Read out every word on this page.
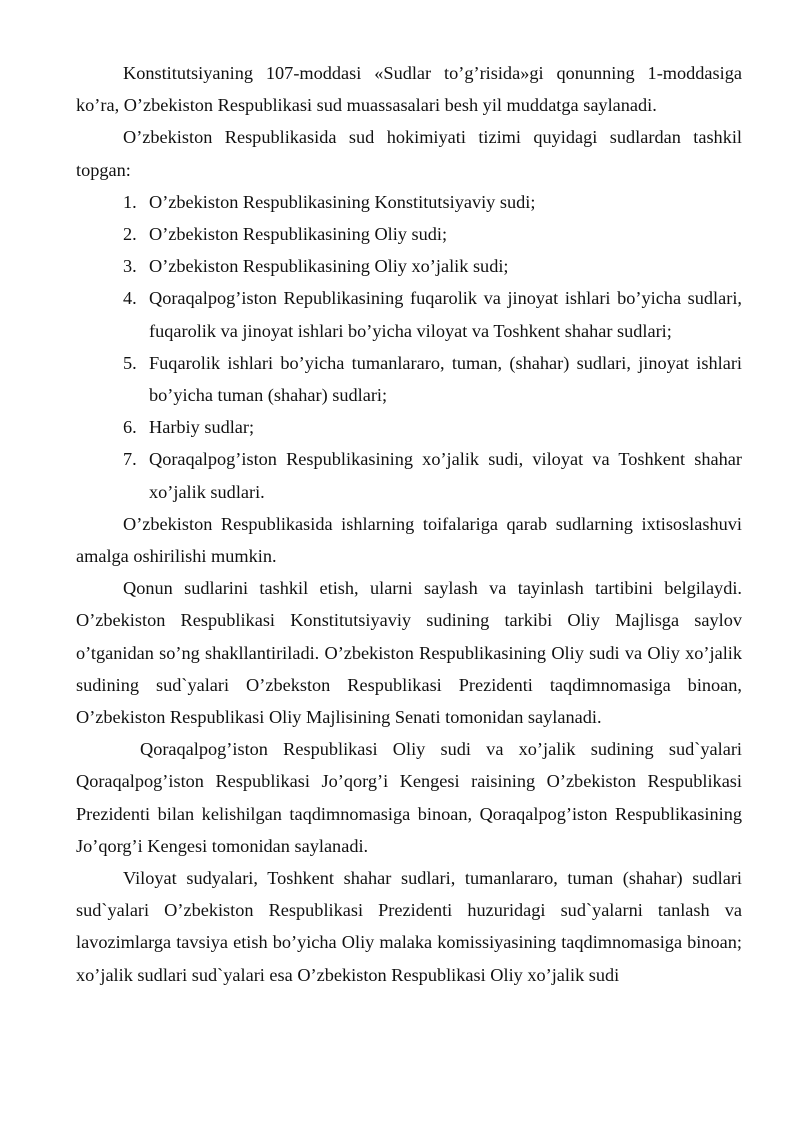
Konstitutsiyaning 107-moddasi «Sudlar to’g’risida»gi qonunning 1-moddasiga ko’ra, O’zbekiston Respublikasi sud muassasalari besh yil muddatga saylanadi.

O’zbekiston Respublikasida sud hokimiyati tizimi quyidagi sudlardan tashkil topgan:

1. O’zbekiston Respublikasining Konstitutsiyaviy sudi;
2. O’zbekiston Respublikasining Oliy sudi;
3. O’zbekiston Respublikasining Oliy xo’jalik sudi;
4. Qoraqalpog’iston Republikasining fuqarolik va jinoyat ishlari bo’yicha sudlari, fuqarolik va jinoyat ishlari bo’yicha viloyat va Toshkent shahar sudlari;
5. Fuqarolik ishlari bo’yicha tumanlararo, tuman, (shahar) sudlari, jinoyat ishlari bo’yicha tuman (shahar) sudlari;
6. Harbiy sudlar;
7. Qoraqalpog’iston Respublikasining xo’jalik sudi, viloyat va Toshkent shahar xo’jalik sudlari.

O’zbekiston Respublikasida ishlarning toifalariga qarab sudlarning ixtisoslashuvi amalga oshirilishi mumkin.

Qonun sudlarini tashkil etish, ularni saylash va tayinlash tartibini belgilaydi. O’zbekiston Respublikasi Konstitutsiyaviy sudining tarkibi Oliy Majlisga saylov o’tganidan so’ng shakllantiriladi. O’zbekiston Respublikasining Oliy sudi va Oliy xo’jalik sudining sud`yalari O’zbekston Respublikasi Prezidenti taqdimnomasiga binoan, O’zbekiston Respublikasi Oliy Majlisining Senati tomonidan saylanadi.

Qoraqalpog’iston Respublikasi Oliy sudi va xo’jalik sudining sud`yalari Qoraqalpog’iston Respublikasi Jo’qorg’i Kengesi raisining O’zbekiston Respublikasi Prezidenti bilan kelishilgan taqdimnomasiga binoan, Qoraqalpog’iston Respublikasining Jo’qorg’i Kengesi tomonidan saylanadi.

Viloyat sudyalari, Toshkent shahar sudlari, tumanlararo, tuman (shahar) sudlari sud`yalari O’zbekiston Respublikasi Prezidenti huzuridagi sud`yalarni tanlash va lavozimlarga tavsiya etish bo’yicha Oliy malaka komissiyasining taqdimnomasiga binoan; xo’jalik sudlari sud`yalari esa O’zbekiston Respublikasi Oliy xo’jalik sudi
